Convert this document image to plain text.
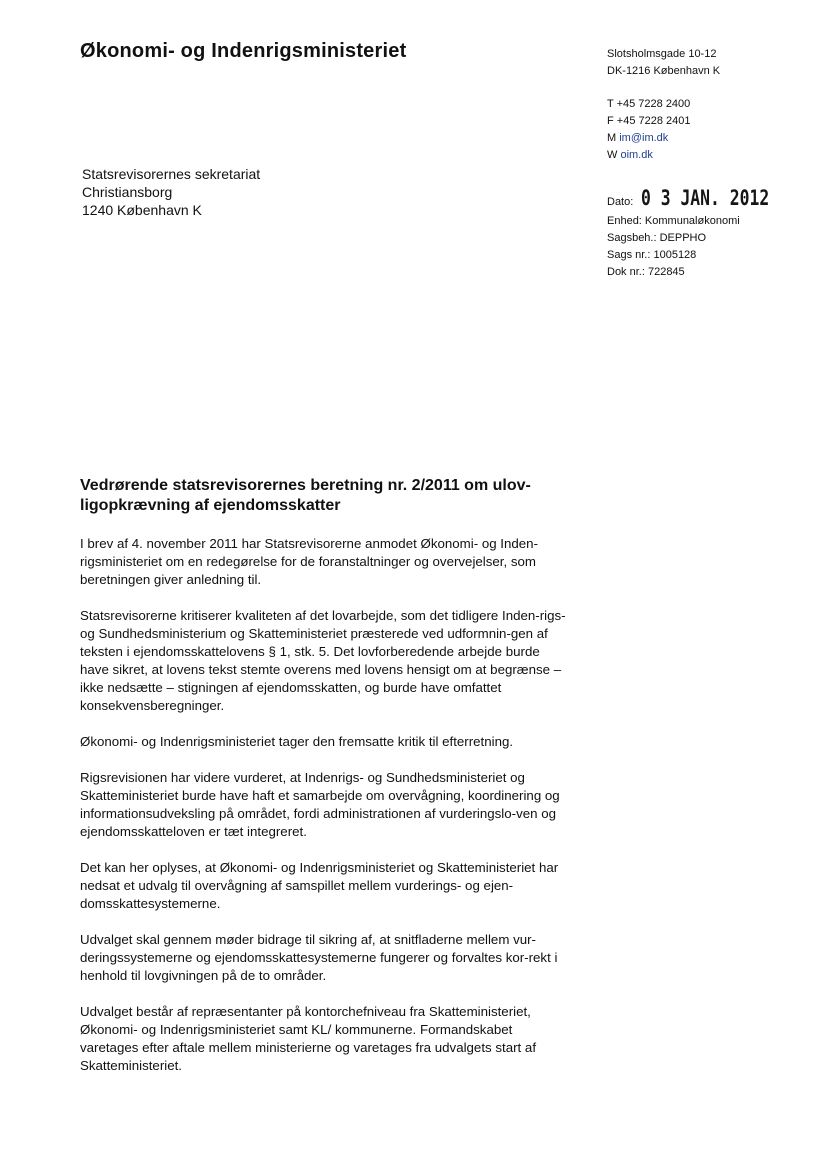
Økonomi- og Indenrigsministeriet	Slotsholmsgade 10-12
DK-1216 København K
T +45 7228 2400
F +45 7228 2401
M im@im.dk
W oim.dk
Statsrevisorernes sekretariat
Christiansborg
1240 København K	Dato: 0 3 JAN. 2012
Enhed: Kommunaløkonomi
Sagsbeh.: DEPPHO
Sags nr.: 1005128
Dok nr.: 722845
Vedrørende statsrevisorernes beretning nr. 2/2011 om ulov-ligopkrævning af ejendomsskatter

I brev af 4. november 2011 har Statsrevisorerne anmodet Økonomi- og Inden-rigsministeriet om en redegørelse for de foranstaltninger og overvejelser, som beretningen giver anledning til.

Statsrevisorerne kritiserer kvaliteten af det lovarbejde, som det tidligere Inden-rigs- og Sundhedsministerium og Skatteministeriet præsterede ved udformnin-gen af teksten i ejendomsskattelovens § 1, stk. 5. Det lovforberedende arbejde burde have sikret, at lovens tekst stemte overens med lovens hensigt om at begrænse – ikke nedsætte – stigningen af ejendomsskatten, og burde have omfattet konsekvensberegninger.

Økonomi- og Indenrigsministeriet tager den fremsatte kritik til efterretning.

Rigsrevisionen har videre vurderet, at Indenrigs- og Sundhedsministeriet og Skatteministeriet burde have haft et samarbejde om overvågning, koordinering og informationsudveksling på området, fordi administrationen af vurderingslo-ven og ejendomsskatteloven er tæt integreret.

Det kan her oplyses, at Økonomi- og Indenrigsministeriet og Skatteministeriet har nedsat et udvalg til overvågning af samspillet mellem vurderings- og ejen-domsskattesystemerne.

Udvalget skal gennem møder bidrage til sikring af, at snitfladerne mellem vur-deringssystemerne og ejendomsskattesystemerne fungerer og forvaltes kor-rekt i henhold til lovgivningen på de to områder.

Udvalget består af repræsentanter på kontorchefniveau fra Skatteministeriet, Økonomi- og Indenrigsministeriet samt KL/ kommunerne. Formandskabet varetages efter aftale mellem ministerierne og varetages fra udvalgets start af Skatteministeriet.
